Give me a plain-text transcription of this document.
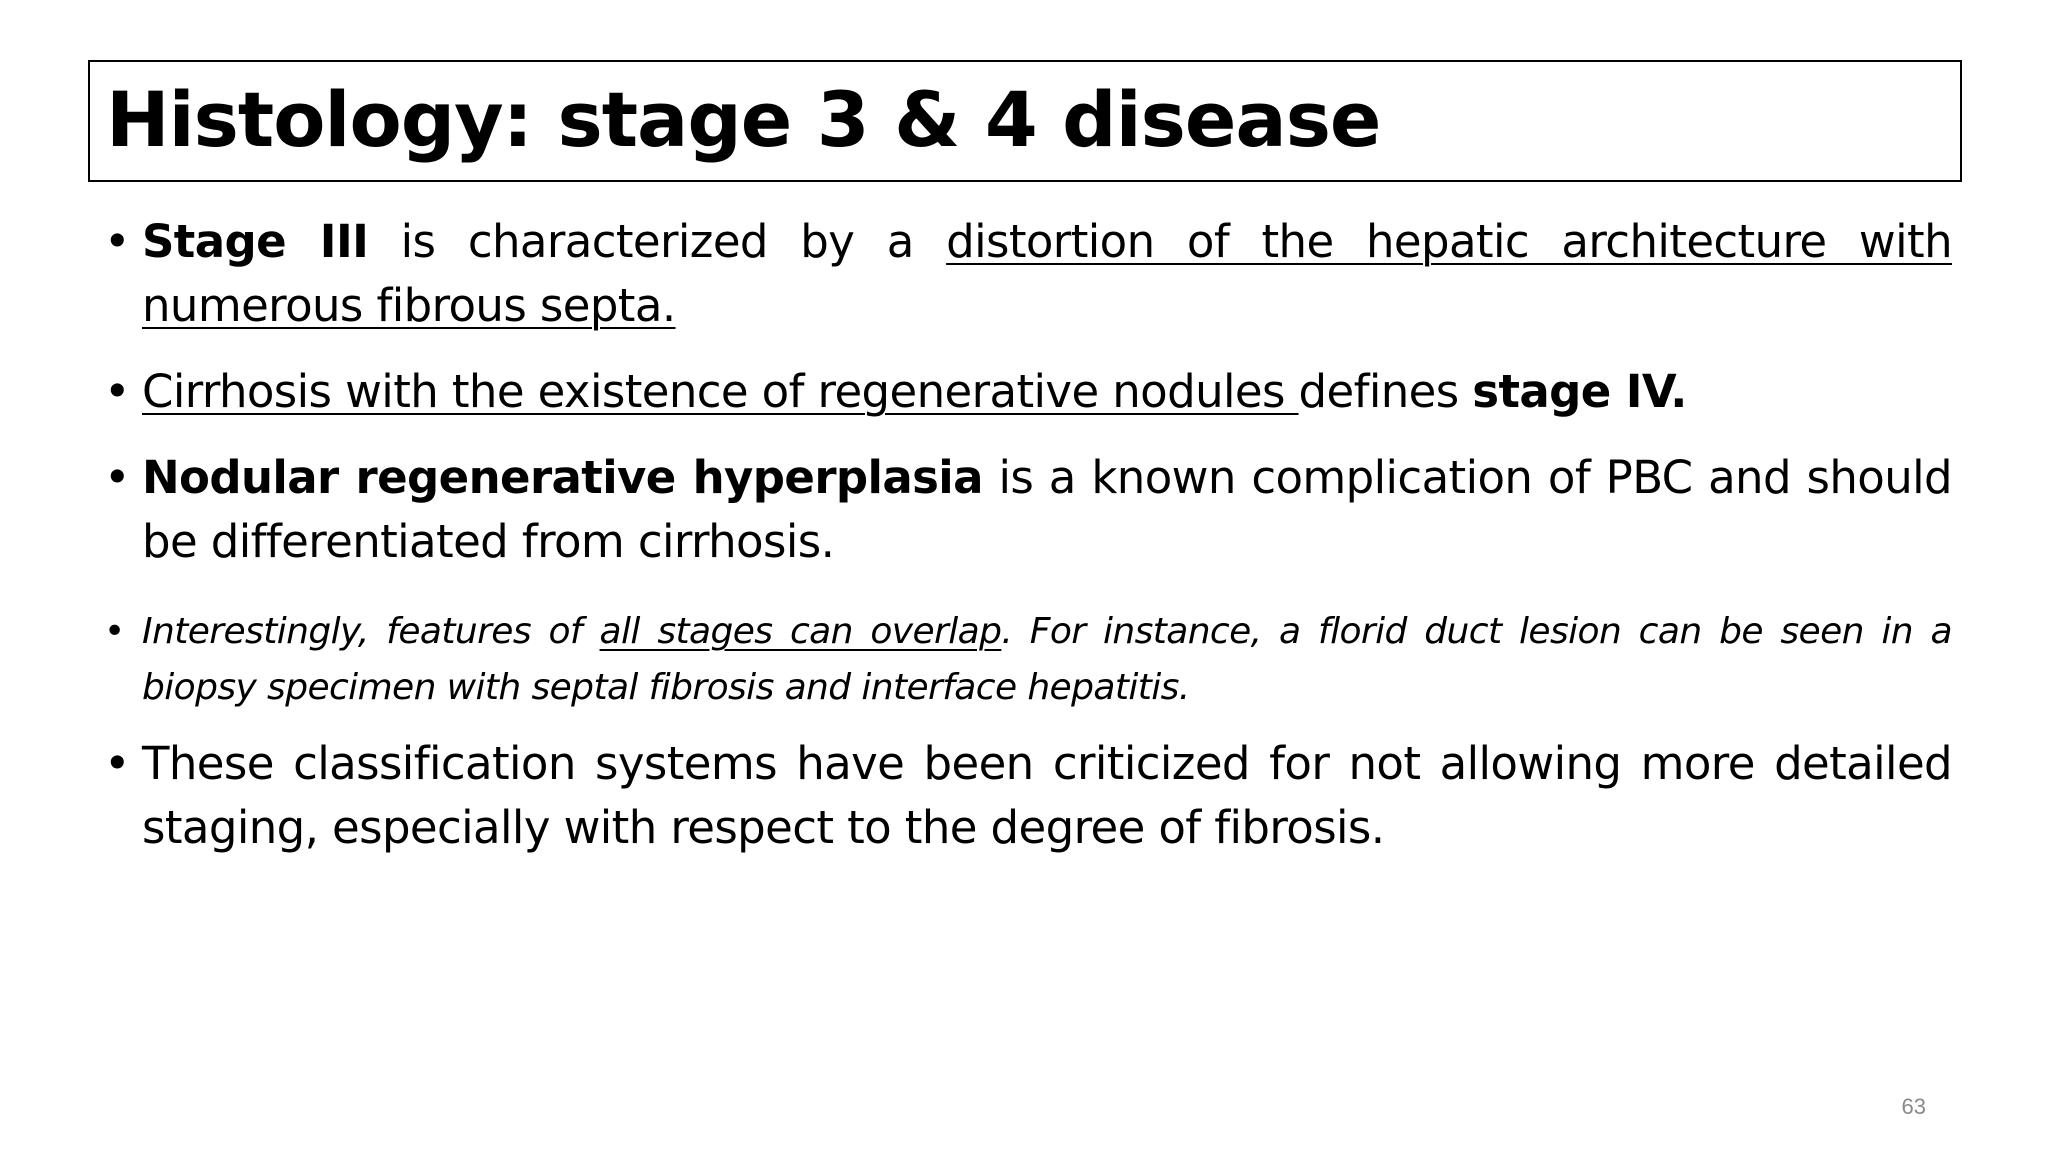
Histology: stage 3 & 4 disease
• Stage III is characterized by a distortion of the hepatic architecture with numerous fibrous septa.

• Cirrhosis with the existence of regenerative nodules defines stage IV.

• Nodular regenerative hyperplasia is a known complication of PBC and should be differentiated from cirrhosis.

• Interestingly, features of all stages can overlap. For instance, a florid duct lesion can be seen in a biopsy specimen with septal fibrosis and interface hepatitis.

• These classification systems have been criticized for not allowing more detailed staging, especially with respect to the degree of fibrosis.

63
